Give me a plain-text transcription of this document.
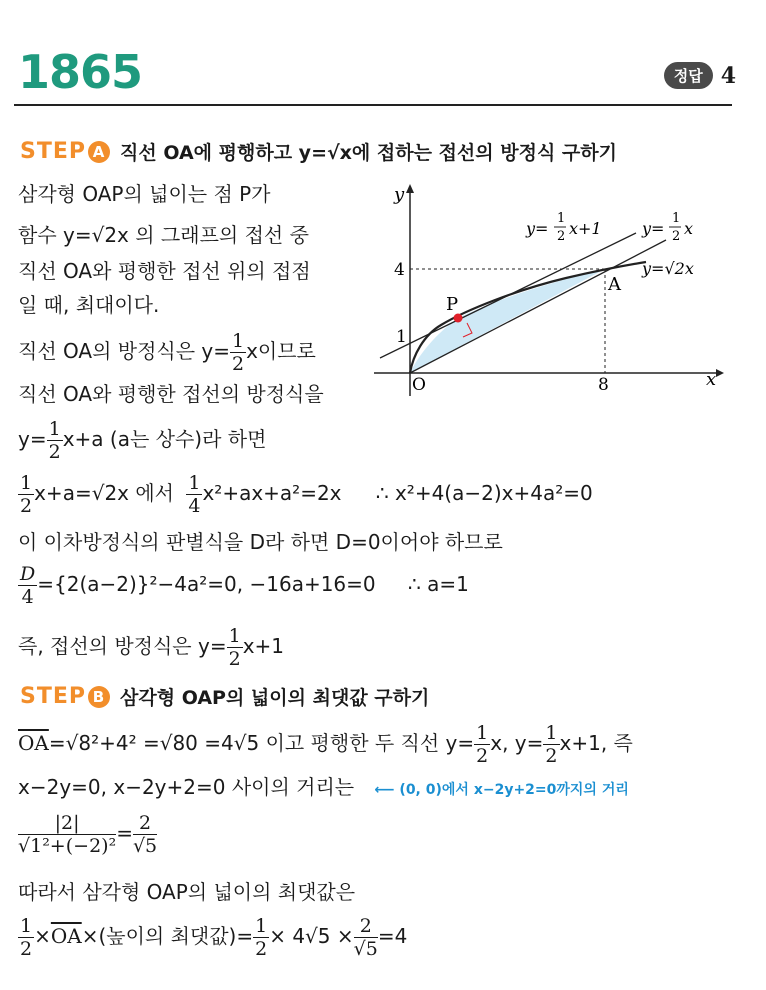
1865	정답 4
STEP A 직선 OA에 평행하고 y=√x에 접하는 접선의 방정식 구하기
삼각형 OAP의 넓이는 점 P가
함수 y=√2x 의 그래프의 접선 중
직선 OA와 평행한 접선 위의 접점
일 때, 최대이다.
직선 OA의 방정식은 $y= \frac{1}{2}$ x이므로
직선 OA와 평행한 접선의 방정식을
$y= \frac{1}{2} x+a$ (a는 상수)라 하면
$\frac{1}{2} x+a=√2x$ 에서 $\frac{1}{4} x^2+ax+a^2=2x$ ∴ x²+4(a−2)x+4a²=0
이 이차방정식의 판별식을 D라 하면 D=0이어야 하므로
$\frac{D}{4} =\{2(a-2)\}^2-4a^2=0$, −16a+16=0 ∴ a=1
즉, 접선의 방정식은 $y= \frac{1}{2} x+1$
y
x
O
4
1
8
A
P
y=
1
2 x+1	y=
1
2 x
y=√2x
STEP B 삼각형 OAP의 넓이의 최댓값 구하기
$\overline{OA}=√8^2+4^2 =√80 =4√5$ 이고 평행한 두 직선 $y= \frac{1}{2} x$, $y= \frac{1}{2} x+1$, 즉
x−2y=0, x−2y+2=0 사이의 거리는 ⟵ (0, 0)에서 x−2y+2=0까지의 거리
$\frac{|2|}{\text{√1²+(−2)²}} = \frac{2}{√5}$
따라서 삼각형 OAP의 넓이의 최댓값은
$\frac{1}{2} \times\overline{OA}\times$(높이의 최댓값)= $\frac{1}{2} \times 4√5 \times \frac{2}{√5} =4$
